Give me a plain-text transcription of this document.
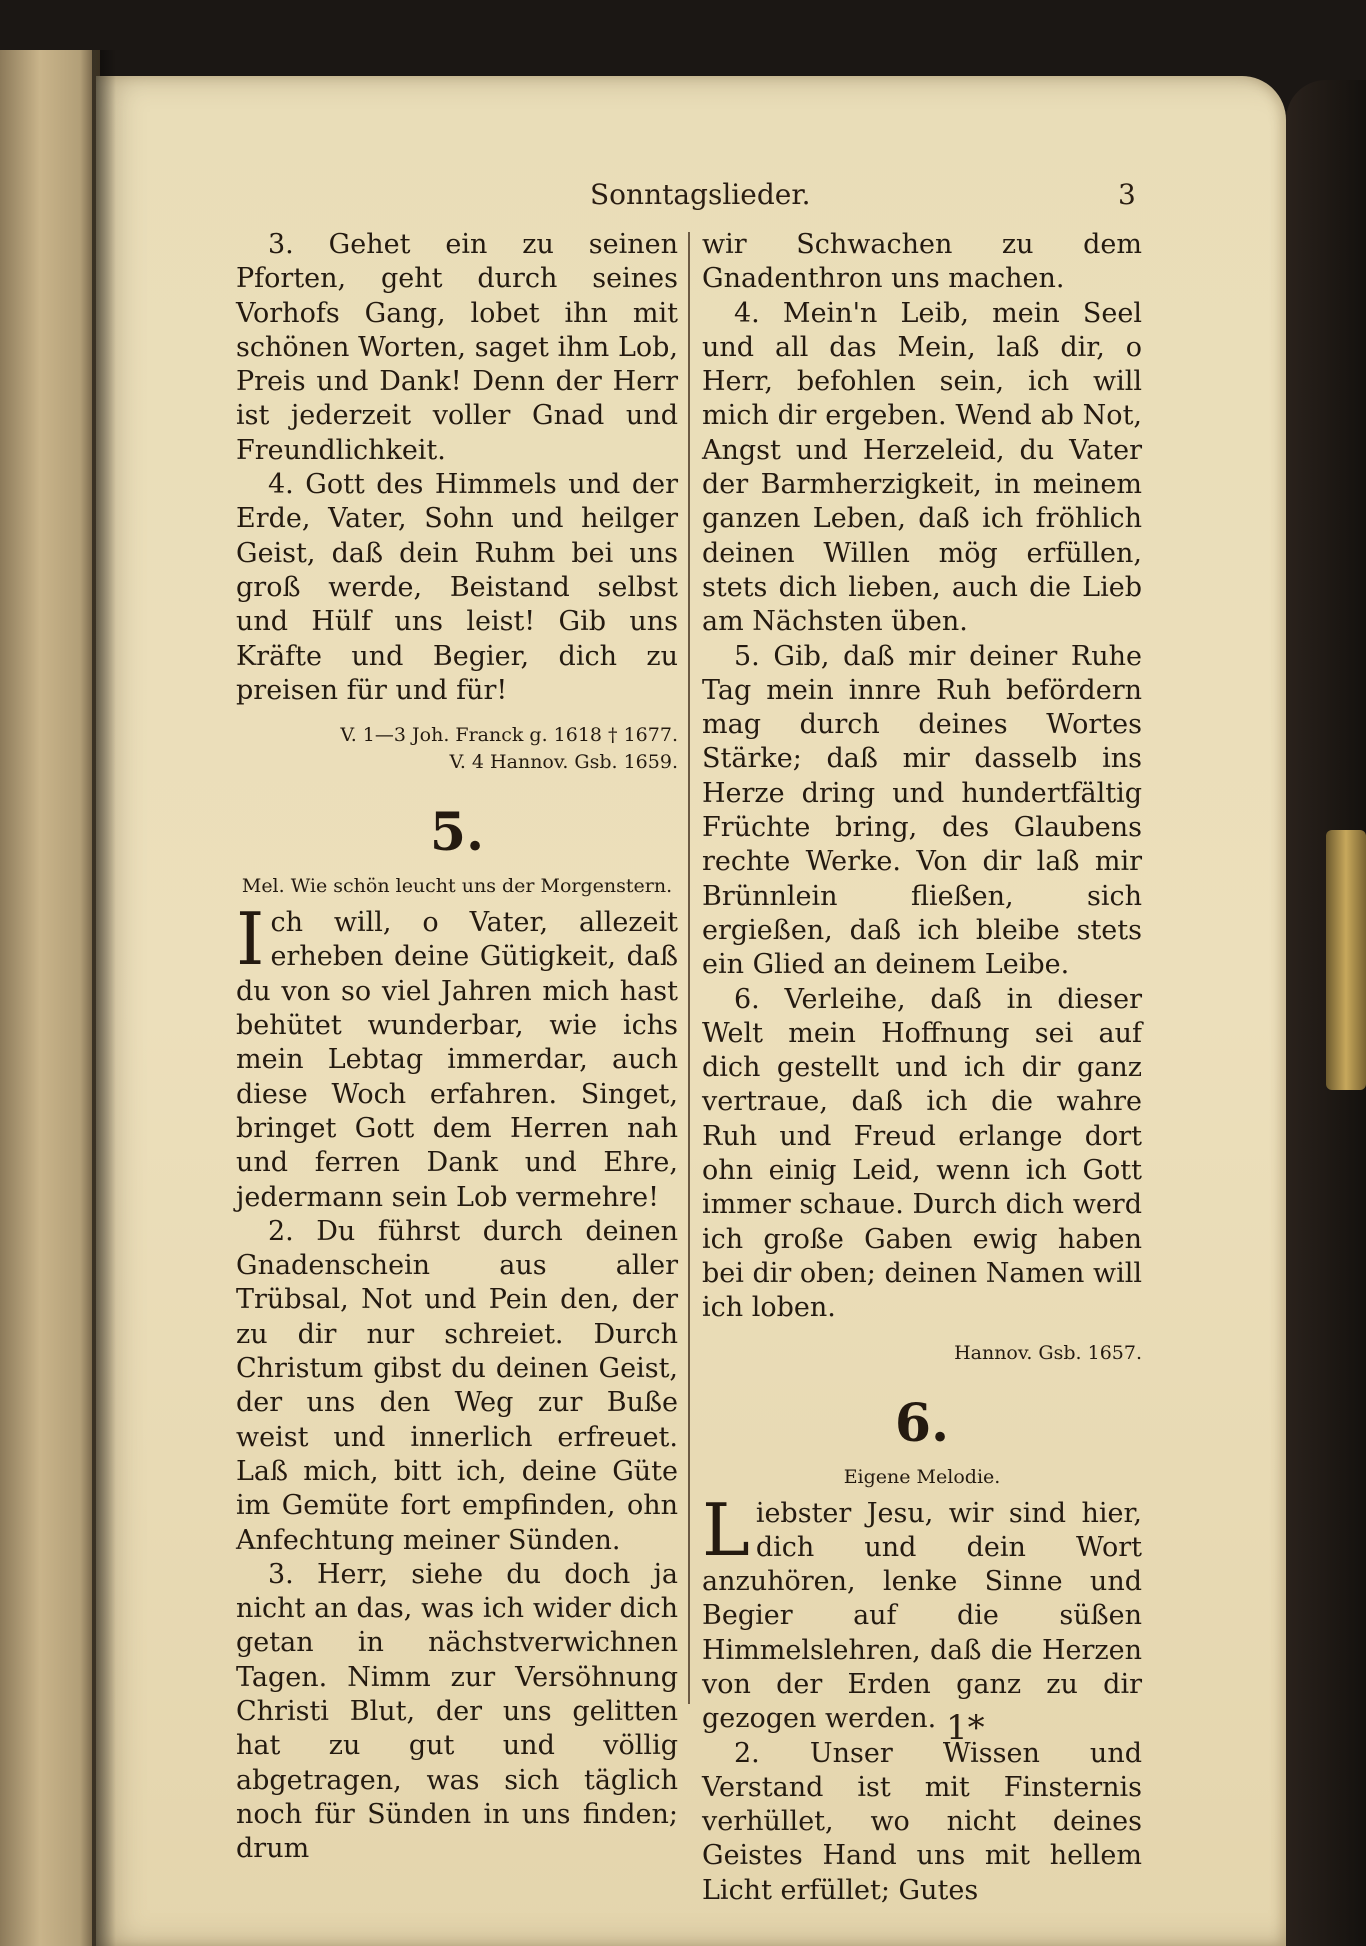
Sonntagslieder.	3

3. Gehet ein zu seinen Pforten, geht durch seines Vorhofs Gang, lobet ihn mit schönen Worten, saget ihm Lob, Preis und Dank! Denn der Herr ist jederzeit voller Gnad und Freundlichkeit.

4. Gott des Himmels und der Erde, Vater, Sohn und heilger Geist, daß dein Ruhm bei uns groß werde, Beistand selbst und Hülf uns leist! Gib uns Kräfte und Begier, dich zu preisen für und für!

V. 1—3 Joh. Franck g. 1618 † 1677.
V. 4 Hannov. Gsb. 1659.
5.
Mel. Wie schön leucht uns der Morgenstern.

Ich will, o Vater, allezeit erheben deine Gütigkeit, daß du von so viel Jahren mich hast behütet wunderbar, wie ichs mein Lebtag immerdar, auch diese Woch erfahren. Singet, bringet Gott dem Herren nah und ferren Dank und Ehre, jedermann sein Lob vermehre!

2. Du führst durch deinen Gnadenschein aus aller Trübsal, Not und Pein den, der zu dir nur schreiet. Durch Christum gibst du deinen Geist, der uns den Weg zur Buße weist und innerlich erfreuet. Laß mich, bitt ich, deine Güte im Gemüte fort empfinden, ohn Anfechtung meiner Sünden.

3. Herr, siehe du doch ja nicht an das, was ich wider dich getan in nächstverwichnen Tagen. Nimm zur Versöhnung Christi Blut, der uns gelitten hat zu gut und völlig abgetragen, was sich täglich noch für Sünden in uns finden; drum

wir Schwachen zu dem Gnadenthron uns machen.

4. Mein'n Leib, mein Seel und all das Mein, laß dir, o Herr, befohlen sein, ich will mich dir ergeben. Wend ab Not, Angst und Herzeleid, du Vater der Barmherzigkeit, in meinem ganzen Leben, daß ich fröhlich deinen Willen mög erfüllen, stets dich lieben, auch die Lieb am Nächsten üben.

5. Gib, daß mir deiner Ruhe Tag mein innre Ruh befördern mag durch deines Wortes Stärke; daß mir dasselb ins Herze dring und hundertfältig Früchte bring, des Glaubens rechte Werke. Von dir laß mir Brünnlein fließen, sich ergießen, daß ich bleibe stets ein Glied an deinem Leibe.

6. Verleihe, daß in dieser Welt mein Hoffnung sei auf dich gestellt und ich dir ganz vertraue, daß ich die wahre Ruh und Freud erlange dort ohn einig Leid, wenn ich Gott immer schaue. Durch dich werd ich große Gaben ewig haben bei dir oben; deinen Namen will ich loben.

Hannov. Gsb. 1657.
6.
Eigene Melodie.

Liebster Jesu, wir sind hier, dich und dein Wort anzuhören, lenke Sinne und Begier auf die süßen Himmelslehren, daß die Herzen von der Erden ganz zu dir gezogen werden.

2. Unser Wissen und Verstand ist mit Finsternis verhüllet, wo nicht deines Geistes Hand uns mit hellem Licht erfüllet; Gutes

1*
